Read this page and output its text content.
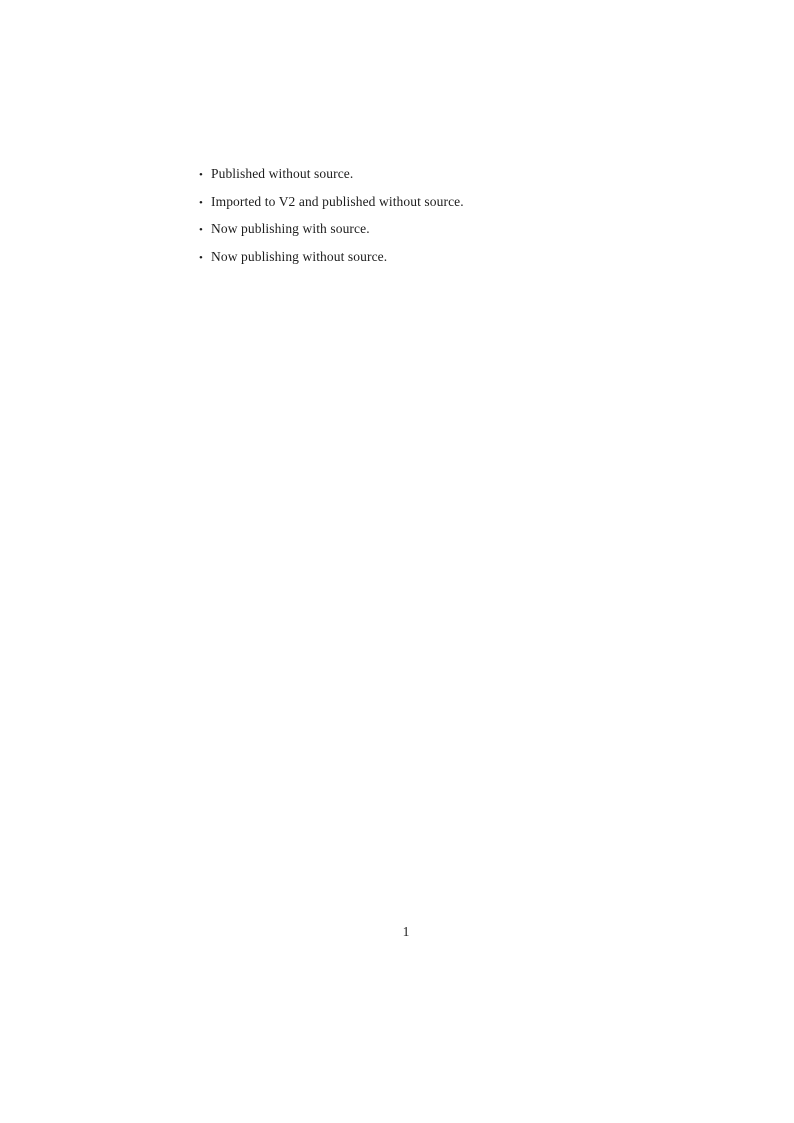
• Published without source.
• Imported to V2 and published without source.
• Now publishing with source.
• Now publishing without source.
1
